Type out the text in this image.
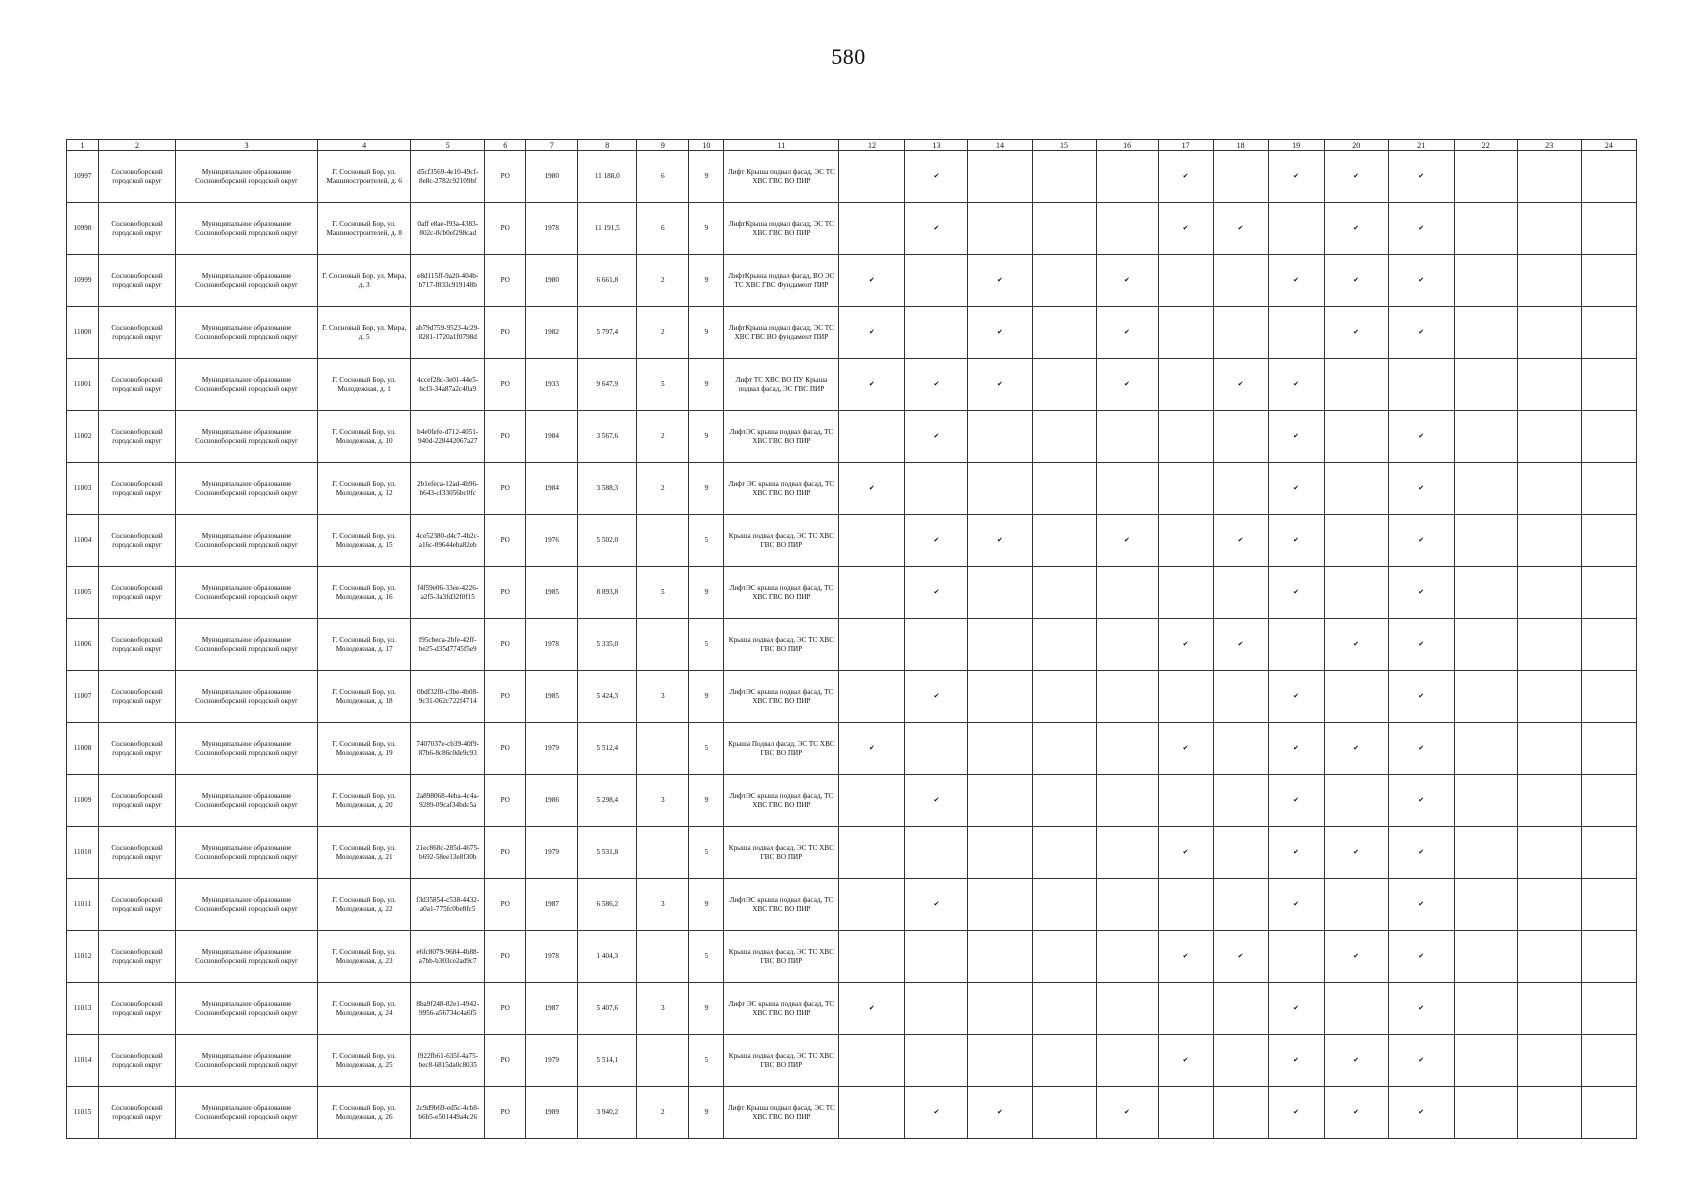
580
1	2	3	4	5	6	7	8	9	10	11	12	13	14	15	16	17	18	19	20	21	22	23	24
10997	Сосновоборский городской округ	Муниципальное образование Сосновоборский городской округ	Г. Сосновый Бор, ул. Машиностроителей, д. 6	d5cf3569-4e10-49cf-8e8c-2782c92109bf	РО	1980	11 188,0	6	9	Лифт Крыша подвал фасад, ЭС ТС ХВС ГВС ВО ПИР		✔				✔		✔	✔	✔			
10998	Сосновоборский городской округ	Муниципальное образование Сосновоборский городской округ	Г. Сосновый Бор, ул. Машиностроителей, д. 8	0aff e8ae-f93a-4383-802c-0cb0ef298cad	РО	1978	11 191,5	6	9	ЛифтКрыша подвал фасад, ЭС ТС ХВС ГВС ВО ПИР		✔				✔	✔		✔	✔			
10999	Сосновоборский городской округ	Муниципальное образование Сосновоборский городской округ	Г. Сосновый Бор, ул. Мира, д. 3	e8d115ff-9a20-404b-b717-f833c919148b	РО	1980	6 661,8	2	9	ЛифтКрыша подвал фасад, ВО ЭС ТС ХВС ГВС Фундамент ПИР	✔		✔		✔			✔	✔	✔			
11000	Сосновоборский городской округ	Муниципальное образование Сосновоборский городской округ	Г. Сосновый Бор, ул. Мира, д. 5	ab79d759-9523-4c29-8281-1720a1f0798d	РО	1982	5 797,4	2	9	ЛифтКрыша подвал фасад, ЭС ТС ХВС ГВС ВО фундамент ПИР	✔		✔		✔				✔	✔			
11001	Сосновоборский городской округ	Муниципальное образование Сосновоборский городской округ	Г. Сосновый Бор, ул. Молодежная, д. 1	4ccef28c-3e01-44e5-bcf3-34a87a2c40a9	РО	1933	9 647,9	5	9	Лифт ТС ХВС ВО ПУ Крыша подвал фасад, ЭС ГВС ПИР	✔	✔	✔		✔		✔	✔					
11002	Сосновоборский городской округ	Муниципальное образование Сосновоборский городской округ	Г. Сосновый Бор, ул. Молодежная, д. 10	b4e0fefe-d712-4051-940d-228442067a27	РО	1984	3 567,6	2	9	ЛифтЭС крыша подвал фасад, ТС ХВС ГВС ВО ПИР		✔						✔		✔			
11003	Сосновоборский городской округ	Муниципальное образование Сосновоборский городской округ	Г. Сосновый Бор, ул. Молодежная, д. 12	2b1efeca-12ad-4b96-b643-cf33056bc0fc	РО	1984	3 588,3	2	9	Лифт ЭС крыша подвал фасад, ТС ХВС ГВС ВО ПИР	✔							✔		✔			
11004	Сосновоборский городской округ	Муниципальное образование Сосновоборский городской округ	Г. Сосновый Бор, ул. Молодежная, д. 15	4ce52380-d4c7-4b2c-a16c-09644eba82eb	РО	1976	5 502,0		5	Крыша подвал фасад, ЭС ТС ХВС ГВС ВО ПИР		✔	✔		✔		✔	✔		✔			
11005	Сосновоборский городской округ	Муниципальное образование Сосновоборский городской округ	Г. Сосновый Бор, ул. Молодежная, д. 16	f4f59e06-33ee-4226-a2f5-3a3fd32f0f15	РО	1985	8 893,8	5	9	ЛифтЭС крыша подвал фасад, ТС ХВС ГВС ВО ПИР		✔						✔		✔			
11006	Сосновоборский городской округ	Муниципальное образование Сосновоборский городской округ	Г. Сосновый Бор, ул. Молодежная, д. 17	f95cbeca-2bfe-42ff-be25-d35d7745f5e9	РО	1978	5 335,0		5	Крыша подвал фасад, ЭС ТС ХВС ГВС ВО ПИР						✔	✔		✔	✔			
11007	Сосновоборский городской округ	Муниципальное образование Сосновоборский городской округ	Г. Сосновый Бор, ул. Молодежная, д. 18	0bdf32f0-c3be-4b08-9c31-062c722f4714	РО	1985	5 424,3	3	9	ЛифтЭС крыша подвал фасад, ТС ХВС ГВС ВО ПИР		✔						✔		✔			
11008	Сосновоборский городской округ	Муниципальное образование Сосновоборский городской округ	Г. Сосновый Бор, ул. Молодежная, д. 19	7407037e-cb39-40f9-87b6-8c86c0de9c93	РО	1979	5 512,4		5	Крыша Подвал фасад, ЭС ТС ХВС ГВС ВО ПИР	✔					✔		✔	✔	✔			
11009	Сосновоборский городской округ	Муниципальное образование Сосновоборский городской округ	Г. Сосновый Бор, ул. Молодежная, д. 20	2a898068-4eba-4c4a-9289-09caf34bdc5a	РО	1986	5 298,4	3	9	ЛифтЭС крыша подвал фасад, ТС ХВС ГВС ВО ПИР		✔						✔		✔			
11010	Сосновоборский городской округ	Муниципальное образование Сосновоборский городской округ	Г. Сосновый Бор, ул. Молодежная, д. 21	21ec868c-285d-4675-b692-58ee13e8f30b	РО	1979	5 531,8		5	Крыша подвал фасад, ЭС ТС ХВС ГВС ВО ПИР						✔		✔	✔	✔			
11011	Сосновоборский городской округ	Муниципальное образование Сосновоборский городской округ	Г. Сосновый Бор, ул. Молодежная, д. 22	f3d35854-c538-4432-a0a1-775fc0be8fc5	РО	1987	6 586,2	3	9	ЛифтЭС крыша подвал фасад, ТС ХВС ГВС ВО ПИР		✔						✔		✔			
11012	Сосновоборский городской округ	Муниципальное образование Сосновоборский городской округ	Г. Сосновый Бор, ул. Молодежная, д. 23	e6fc8079-9684-4b88-a7bb-b303ce2ad9c7	РО	1978	1 404,3		5	Крыша подвал фасад, ЭС ТС ХВС ГВС ВО ПИР						✔	✔		✔	✔			
11013	Сосновоборский городской округ	Муниципальное образование Сосновоборский городской округ	Г. Сосновый Бор, ул. Молодежная, д. 24	8ba9f248-82e1-4942-9956-a56734c4a6f5	РО	1987	5 407,6	3	9	Лифт ЭС крыша подвал фасад, ТС ХВС ГВС ВО ПИР	✔							✔		✔			
11014	Сосновоборский городской округ	Муниципальное образование Сосновоборский городской округ	Г. Сосновый Бор, ул. Молодежная, д. 25	f922fb61-635f-4a75-bec8-6815da0c8035	РО	1979	5 514,1		5	Крыша подвал фасад, ЭС ТС ХВС ГВС ВО ПИР						✔		✔	✔	✔			
11015	Сосновоборский городской округ	Муниципальное образование Сосновоборский городской округ	Г. Сосновый Бор, ул. Молодежная, д. 26	2c9d9b69-ed5c-4cb8-b6b5-e501449a4c26	РО	1989	3 940,2	2	9	Лифт Крыша подвал фасад, ЭС ТС ХВС ГВС ВО ПИР		✔	✔		✔			✔	✔	✔			
